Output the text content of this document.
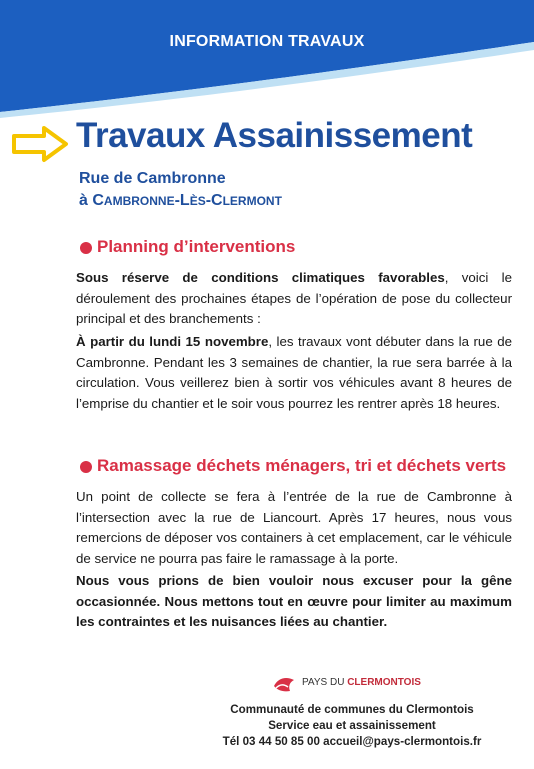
INFORMATION TRAVAUX
Travaux Assainissement
Rue de Cambronne
à CAMBRONNE-LÈS-CLERMONT
Planning d’interventions
Sous réserve de conditions climatiques favorables, voici le déroulement des prochaines étapes de l’opération de pose du collecteur principal et des branchements :
À partir du lundi 15 novembre, les travaux vont débuter dans la rue de Cambronne. Pendant les 3 semaines de chantier, la rue sera barrée à la circulation. Vous veillerez bien à sortir vos véhicules avant 8 heures de l’emprise du chantier et le soir vous pourrez les rentrer après 18 heures.
Ramassage déchets ménagers, tri et déchets verts
Un point de collecte se fera à l’entrée de la rue de Cambronne à l’intersection avec la rue de Liancourt. Après 17 heures, nous vous remercions de déposer vos containers à cet emplacement, car le véhicule de service ne pourra pas faire le ramassage à la porte.
Nous vous prions de bien vouloir nous excuser pour la gêne occasionnée. Nous mettons tout en œuvre pour limiter au maximum les contraintes et les nuisances liées au chantier.
PAYS DU CLERMONTOIS
Communauté de communes du Clermontois
Service eau et assainissement
Tél 03 44 50 85 00 accueil@pays-clermontois.fr
